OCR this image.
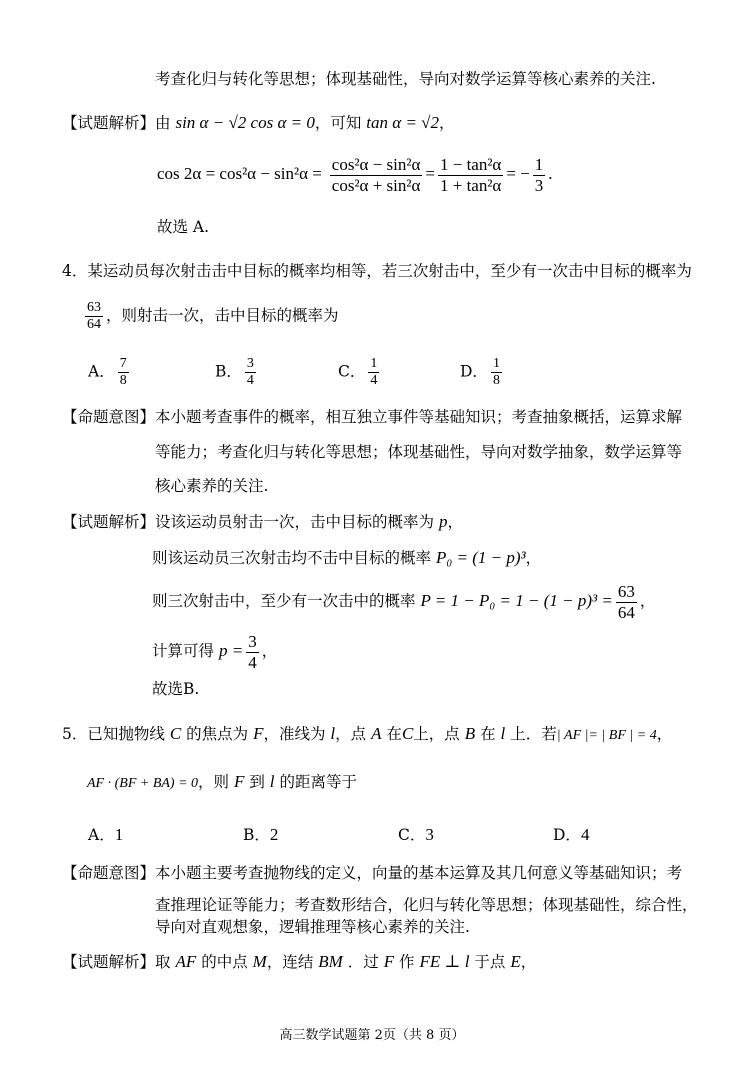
考查化归与转化等思想；体现基础性，导向对数学运算等核心素养的关注.
【试题解析】由 sin α − √2 cos α = 0，可知 tan α = √2，
$\cos 2\alpha = \cos^2\alpha - \sin^2\alpha = \frac{\text{cos²α − sin²α}}{\text{cos²α + sin²α}} = \frac{\text{1 − tan²α}}{\text{1 + tan²α}}$ = − $\frac{1}{3}$ .
故选 A.
4．某运动员每次射击击中目标的概率均相等，若三次射击中，至少有一次击中目标的概率为
$\frac{63}{64}$ ，则射击一次，击中目标的概率为
A． $\frac{7}{8}$	B． $\frac{3}{4}$	C． $\frac{1}{4}$	D． $\frac{1}{8}$
【命题意图】本小题考查事件的概率，相互独立事件等基础知识；考查抽象概括，运算求解
等能力；考查化归与转化等思想；体现基础性，导向对数学抽象，数学运算等
核心素养的关注.
【试题解析】设该运动员射击一次，击中目标的概率为 p，
则该运动员三次射击均不击中目标的概率 P₀ = (1 − p)³，
则三次射击中，至少有一次击中的概率 $P = 1 - P_0 = 1 - (1 - p)^3 = \frac{63}{64}$ ，
计算可得 $p = \frac{3}{4}$ ，
故选B.
5．已知抛物线 C 的焦点为 F，准线为 l，点 A 在C上，点 B 在 l 上．若| AF |= | BF | = 4，
AF · (BF + BA) = 0，则 F 到 l 的距离等于
A．1	B．2	C．3	D．4
【命题意图】本小题主要考查抛物线的定义，向量的基本运算及其几何意义等基础知识；考
查推理论证等能力；考查数形结合，化归与转化等思想；体现基础性，综合性，
导向对直观想象，逻辑推理等核心素养的关注.
【试题解析】取 AF 的中点 M，连结 BM ．过 F 作 FE ⊥ l 于点 E，
高三数学试题第 2页（共 8 页）
